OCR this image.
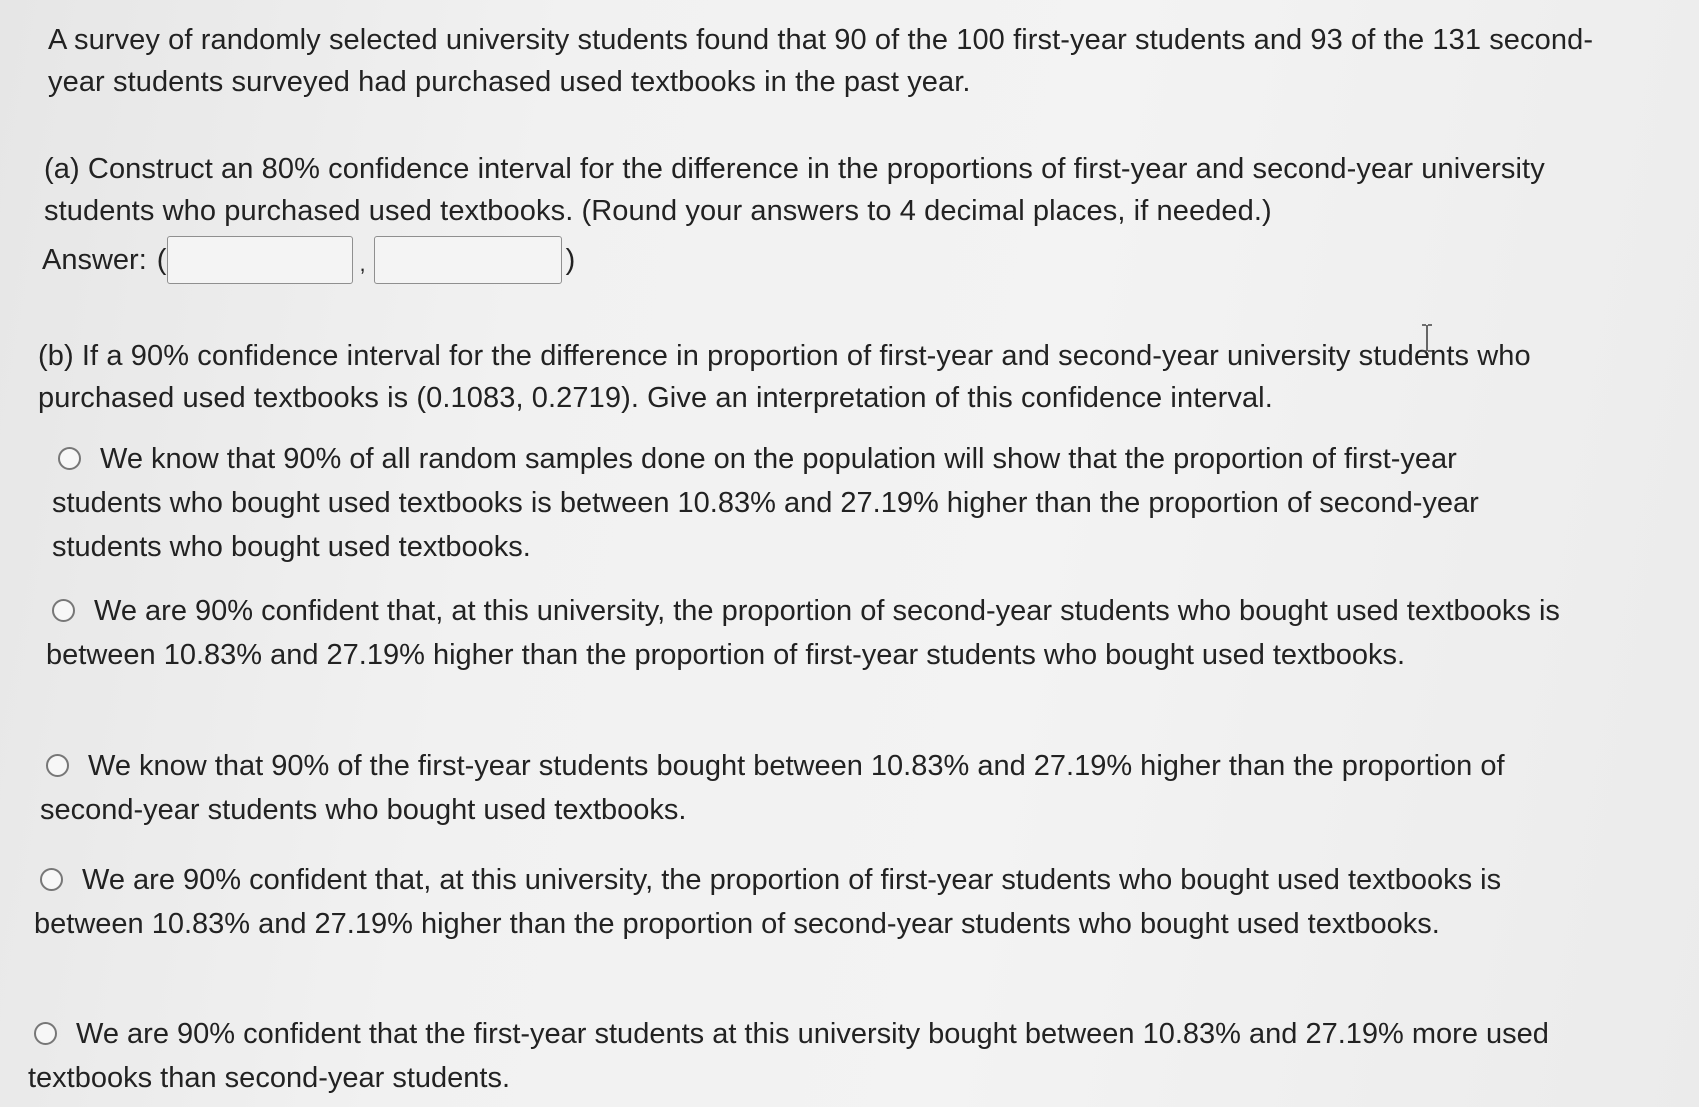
A survey of randomly selected university students found that 90 of the 100 first-year students and 93 of the 131 second-year students surveyed had purchased used textbooks in the past year.
(a) Construct an 80% confidence interval for the difference in the proportions of first-year and second-year university students who purchased used textbooks. (Round your answers to 4 decimal places, if needed.)
Answer: (	,	)
(b) If a 90% confidence interval for the difference in proportion of first-year and second-year university students who purchased used textbooks is (0.1083, 0.2719). Give an interpretation of this confidence interval.
We know that 90% of all random samples done on the population will show that the proportion of first-year students who bought used textbooks is between 10.83% and 27.19% higher than the proportion of second-year students who bought used textbooks.
We are 90% confident that, at this university, the proportion of second-year students who bought used textbooks is between 10.83% and 27.19% higher than the proportion of first-year students who bought used textbooks.
We know that 90% of the first-year students bought between 10.83% and 27.19% higher than the proportion of second-year students who bought used textbooks.
We are 90% confident that, at this university, the proportion of first-year students who bought used textbooks is between 10.83% and 27.19% higher than the proportion of second-year students who bought used textbooks.
We are 90% confident that the first-year students at this university bought between 10.83% and 27.19% more used textbooks than second-year students.
